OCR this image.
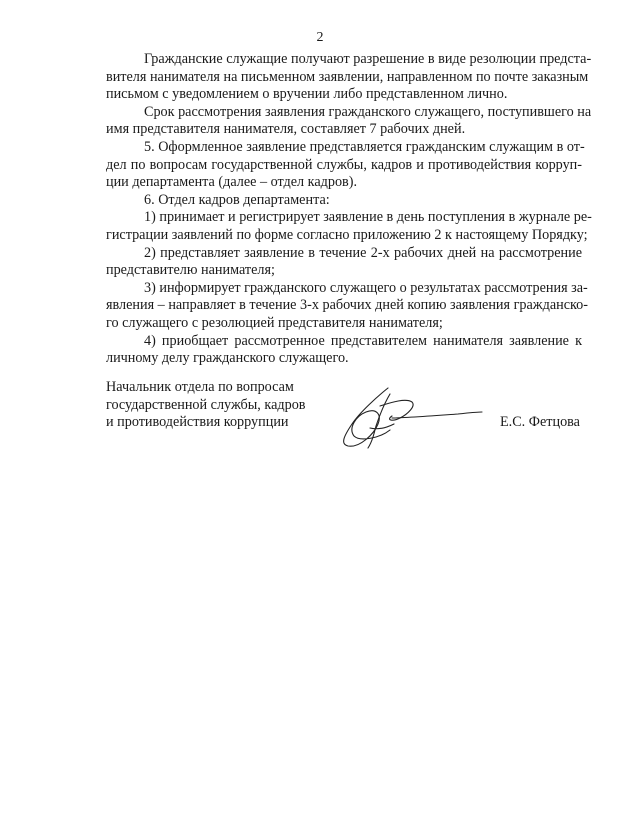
2

Гражданские служащие получают разрешение в виде резолюции предста-
вителя нанимателя на письменном заявлении, направленном по почте заказным
письмом с уведомлением о вручении либо представленном лично.

Срок рассмотрения заявления гражданского служащего, поступившего на
имя представителя нанимателя, составляет 7 рабочих дней.

5. Оформленное заявление представляется гражданским служащим в от-
дел по вопросам государственной службы, кадров и противодействия корруп-
ции департамента (далее – отдел кадров).

6. Отдел кадров департамента:

1) принимает и регистрирует заявление в день поступления в журнале ре-
гистрации заявлений по форме согласно приложению 2 к настоящему Порядку;

2) представляет заявление в течение 2-х рабочих дней на рассмотрение
представителю нанимателя;

3) информирует гражданского служащего о результатах рассмотрения за-
явления – направляет в течение 3-х рабочих дней копию заявления гражданско-
го служащего с резолюцией представителя нанимателя;

4) приобщает рассмотренное представителем нанимателя заявление к
личному делу гражданского служащего.

Начальник отдела по вопросам
государственной службы, кадров
и противодействия коррупции	Е.С. Фетцова
